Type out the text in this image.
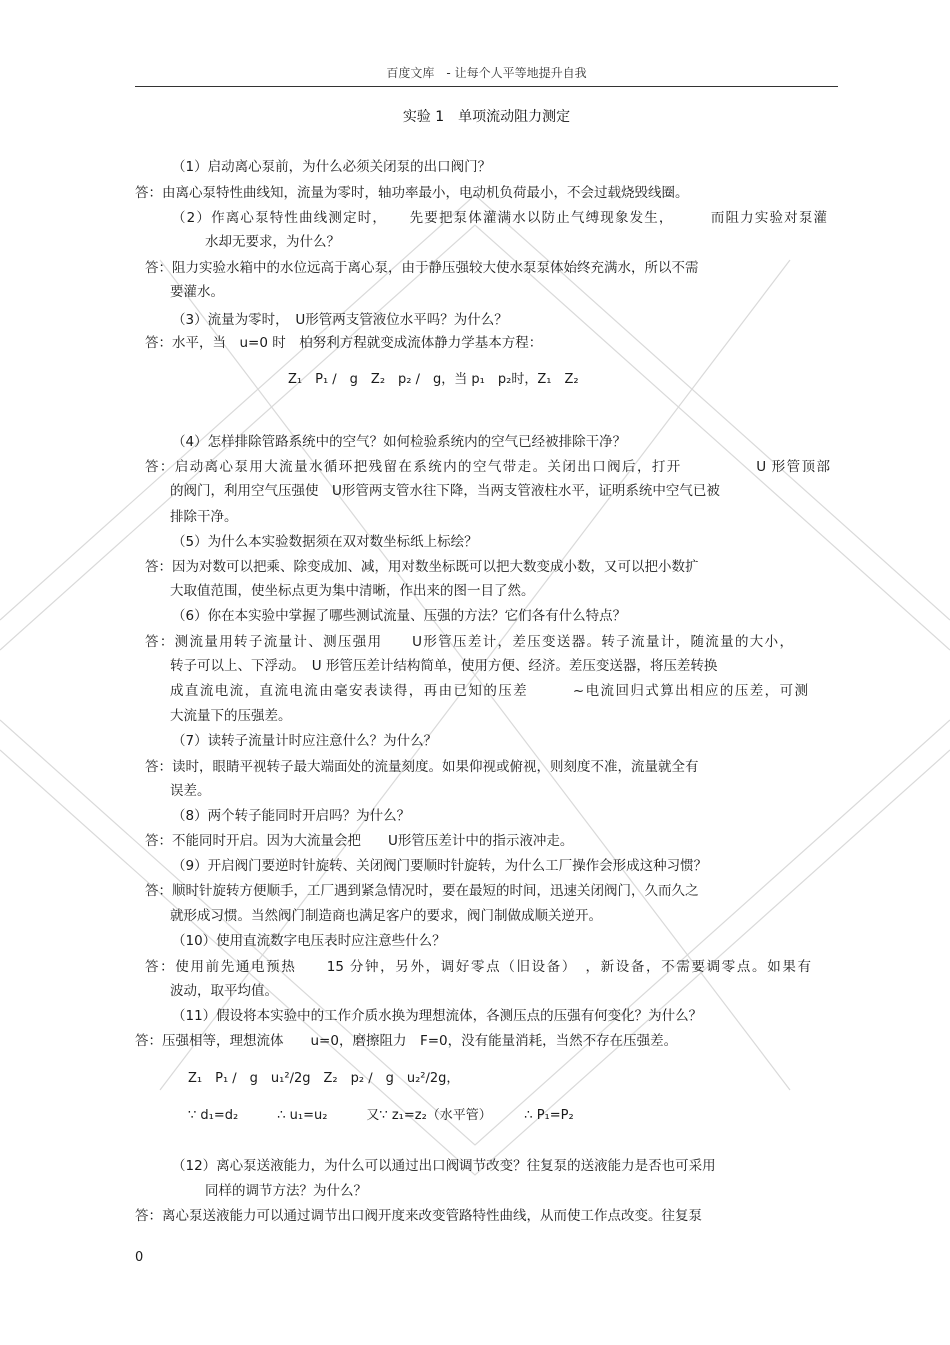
百度文库　- 让每个人平等地提升自我
实验 1　单项流动阻力测定
（1）启动离心泵前，为什么必须关闭泵的出口阀门？
答：由离心泵特性曲线知，流量为零时，轴功率最小，电动机负荷最小，不会过载烧毁线圈。
（2）作离心泵特性曲线测定时，　　先要把泵体灌满水以防止气缚现象发生，　　　而阻力实验对泵灌
水却无要求，为什么？
答：阻力实验水箱中的水位远高于离心泵，由于静压强较大使水泵泵体始终充满水，所以不需
要灌水。
（3）流量为零时，　U形管两支管液位水平吗？为什么？
答：水平，当　u=0 时　柏努利方程就变成流体静力学基本方程：
Z₁　P₁ ∕　g　Z₂　p₂ ∕　g，当 p₁　p₂时，Z₁　Z₂
（4）怎样排除管路系统中的空气？如何检验系统内的空气已经被排除干净？
答：启动离心泵用大流量水循环把残留在系统内的空气带走。关闭出口阀后，打开　　　　　U 形管顶部
的阀门，利用空气压强使　U形管两支管水往下降，当两支管液柱水平，证明系统中空气已被
排除干净。
（5）为什么本实验数据须在双对数坐标纸上标绘？
答：因为对数可以把乘、除变成加、减，用对数坐标既可以把大数变成小数，又可以把小数扩
大取值范围，使坐标点更为集中清晰，作出来的图一目了然。
（6）你在本实验中掌握了哪些测试流量、压强的方法？它们各有什么特点？
答：测流量用转子流量计、测压强用　　U形管压差计，差压变送器。转子流量计，随流量的大小，
转子可以上、下浮动。　U 形管压差计结构简单，使用方便、经济。差压变送器，将压差转换
成直流电流，直流电流由毫安表读得，再由已知的压差　　　~电流回归式算出相应的压差，可测
大流量下的压强差。
（7）读转子流量计时应注意什么？为什么？
答：读时，眼睛平视转子最大端面处的流量刻度。如果仰视或俯视，则刻度不准，流量就全有
误差。
（8）两个转子能同时开启吗？为什么？
答：不能同时开启。因为大流量会把　　U形管压差计中的指示液冲走。
（9）开启阀门要逆时针旋转、关闭阀门要顺时针旋转，为什么工厂操作会形成这种习惯？
答：顺时针旋转方便顺手，工厂遇到紧急情况时，要在最短的时间，迅速关闭阀门，久而久之
就形成习惯。当然阀门制造商也满足客户的要求，阀门制做成顺关逆开。
（10）使用直流数字电压表时应注意些什么？
答：使用前先通电预热　　15 分钟，另外，调好零点（旧设备）　，新设备，不需要调零点。如果有
波动，取平均值。
（11）假设将本实验中的工作介质水换为理想流体，各测压点的压强有何变化？为什么？
答：压强相等，理想流体　　u=0，磨擦阻力　F=0，没有能量消耗，当然不存在压强差。
Z₁　P₁ ∕　g　u₁²∕2g　Z₂　p₂ ∕　g　u₂²∕2g，
∵ d₁=d₂　　　∴ u₁=u₂　　　又∵ z₁=z₂（水平管）　　　∴ P₁=P₂
（12）离心泵送液能力，为什么可以通过出口阀调节改变？往复泵的送液能力是否也可采用
同样的调节方法？为什么？
答：离心泵送液能力可以通过调节出口阀开度来改变管路特性曲线，从而使工作点改变。往复泵
0
